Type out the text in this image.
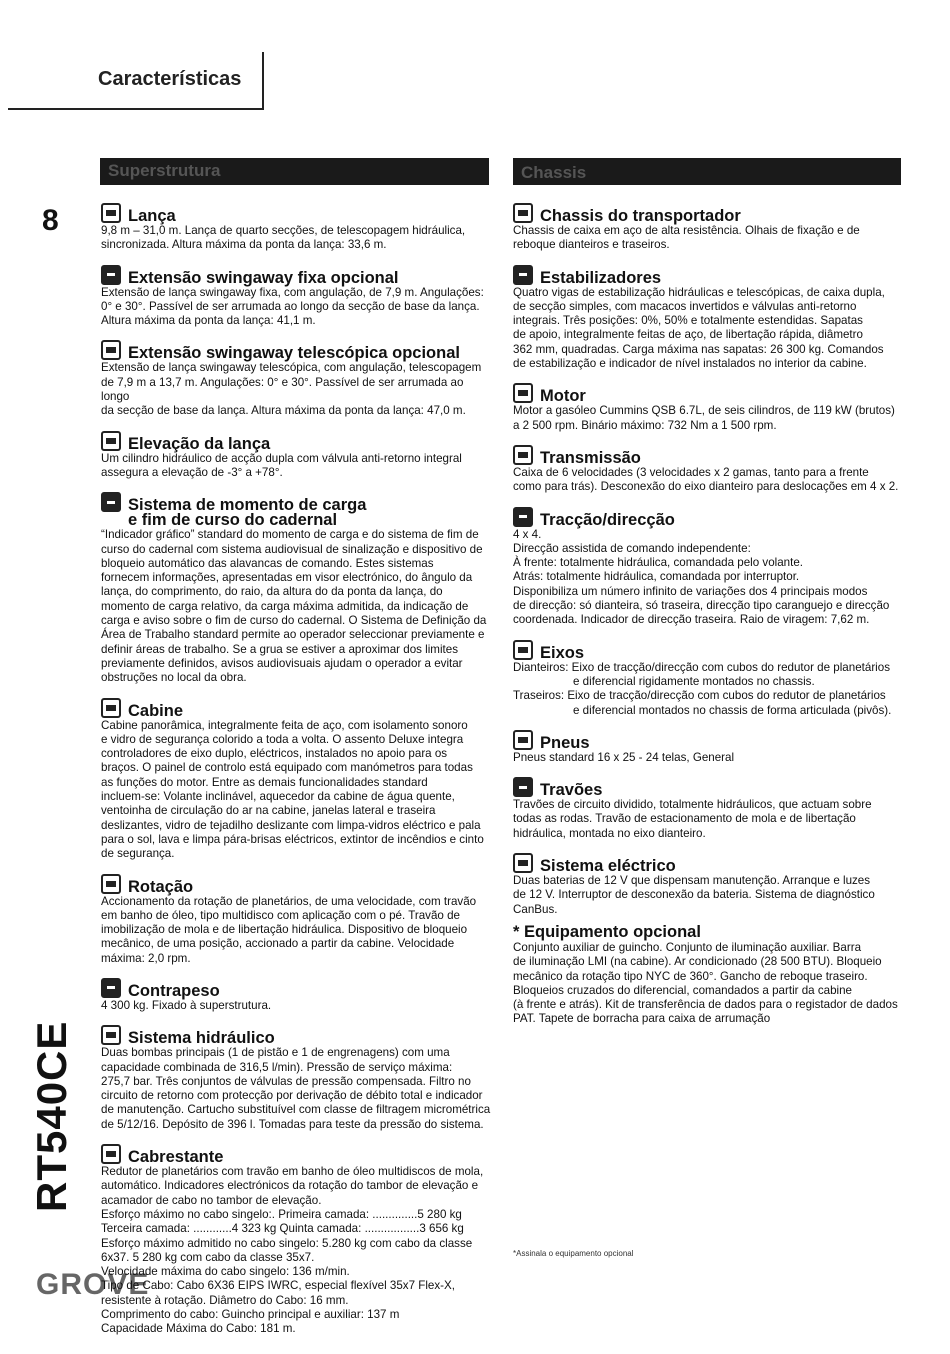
Características
8
RT540CE
GROVE
Superstrutura	Chassis
Lança

9,8 m – 31,0 m. Lança de quarto secções, de telescopagem hidráulica,

sincronizada. Altura máxima da ponta da lança: 33,6 m.

Extensão swingaway fixa opcional

Extensão de lança swingaway fixa, com angulação, de 7,9 m. Angulações:

0° e 30°. Passível de ser arrumada ao longo da secção de base da lança.

Altura máxima da ponta da lança: 41,1 m.

Extensão swingaway telescópica opcional

Extensão de lança swingaway telescópica, com angulação, telescopagem

de 7,9 m a 13,7 m. Angulações: 0° e 30°. Passível de ser arrumada ao longo

da secção de base da lança. Altura máxima da ponta da lança: 47,0 m.

Elevação da lança

Um cilindro hidráulico de acção dupla com válvula anti-retorno integral

assegura a elevação de -3° a +78°.

Sistema de momento de carga
e fim de curso do cadernal

“Indicador gráfico” standard do momento de carga e do sistema de fim de

curso do cadernal com sistema audiovisual de sinalização e dispositivo de

bloqueio automático das alavancas de comando. Estes sistemas

fornecem informações, apresentadas em visor electrónico, do ângulo da

lança, do comprimento, do raio, da altura do da ponta da lança, do

momento de carga relativo, da carga máxima admitida, da indicação de

carga e aviso sobre o fim de curso do cadernal. O Sistema de Definição da

Área de Trabalho standard permite ao operador seleccionar previamente e

definir áreas de trabalho. Se a grua se estiver a aproximar dos limites

previamente definidos, avisos audiovisuais ajudam o operador a evitar

obstruções no local da obra.

Cabine

Cabine panorâmica, integralmente feita de aço, com isolamento sonoro

e vidro de segurança colorido a toda a volta. O assento Deluxe integra

controladores de eixo duplo, eléctricos, instalados no apoio para os

braços. O painel de controlo está equipado com manómetros para todas

as funções do motor. Entre as demais funcionalidades standard

incluem-se: Volante inclinável, aquecedor da cabine de água quente,

ventoinha de circulação do ar na cabine, janelas lateral e traseira

deslizantes, vidro de tejadilho deslizante com limpa-vidros eléctrico e pala

para o sol, lava e limpa pára-brisas eléctricos, extintor de incêndios e cinto

de segurança.

Rotação

Accionamento da rotação de planetários, de uma velocidade, com travão

em banho de óleo, tipo multidisco com aplicação com o pé. Travão de

imobilização de mola e de libertação hidráulica. Dispositivo de bloqueio

mecânico, de uma posição, accionado a partir da cabine. Velocidade

máxima: 2,0 rpm.

Contrapeso

4 300 kg. Fixado à superstrutura.

Sistema hidráulico

Duas bombas principais (1 de pistão e 1 de engrenagens) com uma

capacidade combinada de 316,5 l/min). Pressão de serviço máxima:

275,7 bar. Três conjuntos de válvulas de pressão compensada. Filtro no

circuito de retorno com protecção por derivação de débito total e indicador

de manutenção. Cartucho substituível com classe de filtragem micrométrica

de 5/12/16. Depósito de 396 l. Tomadas para teste da pressão do sistema.

Cabrestante

Redutor de planetários com travão em banho de óleo multidiscos de mola,

automático. Indicadores electrónicos da rotação do tambor de elevação e

acamador de cabo no tambor de elevação.

Esforço máximo no cabo singelo:. Primeira camada: ..............5 280 kg

Terceira camada: ............4 323 kg Quinta camada: .................3 656 kg

Esforço máximo admitido no cabo singelo: 5.280 kg com cabo da classe

6x37. 5 280 kg com cabo da classe 35x7.

Velocidade máxima do cabo singelo: 136 m/min.

Tipo de Cabo: Cabo 6X36 EIPS IWRC, especial flexível 35x7 Flex-X,

resistente à rotação. Diâmetro do Cabo: 16 mm.

Comprimento do cabo: Guincho principal e auxiliar: 137 m

Capacidade Máxima do Cabo: 181 m.

Chassis do transportador

Chassis de caixa em aço de alta resistência. Olhais de fixação e de

reboque dianteiros e traseiros.

Estabilizadores

Quatro vigas de estabilização hidráulicas e telescópicas, de caixa dupla,

de secção simples, com macacos invertidos e válvulas anti-retorno

integrais. Três posições: 0%, 50% e totalmente estendidas. Sapatas

de apoio, integralmente feitas de aço, de libertação rápida, diâmetro

362 mm, quadradas. Carga máxima nas sapatas: 26 300 kg. Comandos

de estabilização e indicador de nível instalados no interior da cabine.

Motor

Motor a gasóleo Cummins QSB 6.7L, de seis cilindros, de 119 kW (brutos)

a 2 500 rpm. Binário máximo: 732 Nm a 1 500 rpm.

Transmissão

Caixa de 6 velocidades (3 velocidades x 2 gamas, tanto para a frente

como para trás). Desconexão do eixo dianteiro para deslocações em 4 x 2.

Tracção/direcção

4 x 4.

Direcção assistida de comando independente:

À frente: totalmente hidráulica, comandada pelo volante.

Atrás: totalmente hidráulica, comandada por interruptor.

Disponibiliza um número infinito de variações dos 4 principais modos

de direcção: só dianteira, só traseira, direcção tipo caranguejo e direcção

coordenada. Indicador de direcção traseira. Raio de viragem: 7,62 m.

Eixos

Dianteiros: Eixo de tracção/direcção com cubos do redutor de planetários

e diferencial rigidamente montados no chassis.

Traseiros: Eixo de tracção/direcção com cubos do redutor de planetários

e diferencial montados no chassis de forma articulada (pivôs).

Pneus

Pneus standard 16 x 25 - 24 telas, General

Travões

Travões de circuito dividido, totalmente hidráulicos, que actuam sobre

todas as rodas. Travão de estacionamento de mola e de libertação

hidráulica, montada no eixo dianteiro.

Sistema eléctrico

Duas baterias de 12 V que dispensam manutenção. Arranque e luzes

de 12 V. Interruptor de desconexão da bateria. Sistema de diagnóstico

CanBus.

* Equipamento opcional

Conjunto auxiliar de guincho. Conjunto de iluminação auxiliar. Barra

de iluminação LMI (na cabine). Ar condicionado (28 500 BTU). Bloqueio

mecânico da rotação tipo NYC de 360°. Gancho de reboque traseiro.

Bloqueios cruzados do diferencial, comandados a partir da cabine

(à frente e atrás). Kit de transferência de dados para o registador de dados

PAT. Tapete de borracha para caixa de arrumação

*Assinala o equipamento opcional
